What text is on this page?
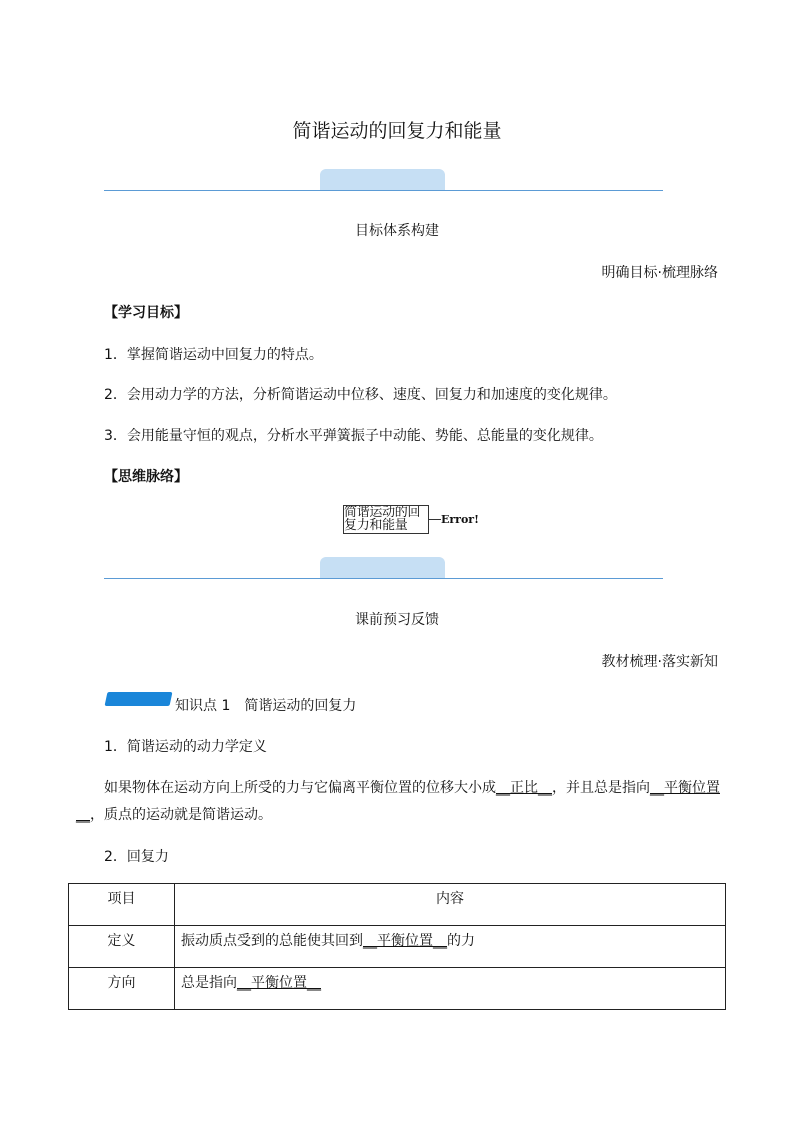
简谐运动的回复力和能量
目标体系构建
明确目标·梳理脉络
【学习目标】
1．掌握简谐运动中回复力的特点。
2．会用动力学的方法，分析简谐运动中位移、速度、回复力和加速度的变化规律。
3．会用能量守恒的观点，分析水平弹簧振子中动能、势能、总能量的变化规律。
【思维脉络】
简谐运动的回复力和能量	Error!
课前预习反馈
教材梳理·落实新知
知识点 1　简谐运动的回复力
1．简谐运动的动力学定义
如果物体在运动方向上所受的力与它偏离平衡位置的位移大小成__正比__，并且总是指向__平衡位置
__，质点的运动就是简谐运动。
2．回复力
项目	内容
定义	振动质点受到的总能使其回到__平衡位置__的力
方向	总是指向__平衡位置__
